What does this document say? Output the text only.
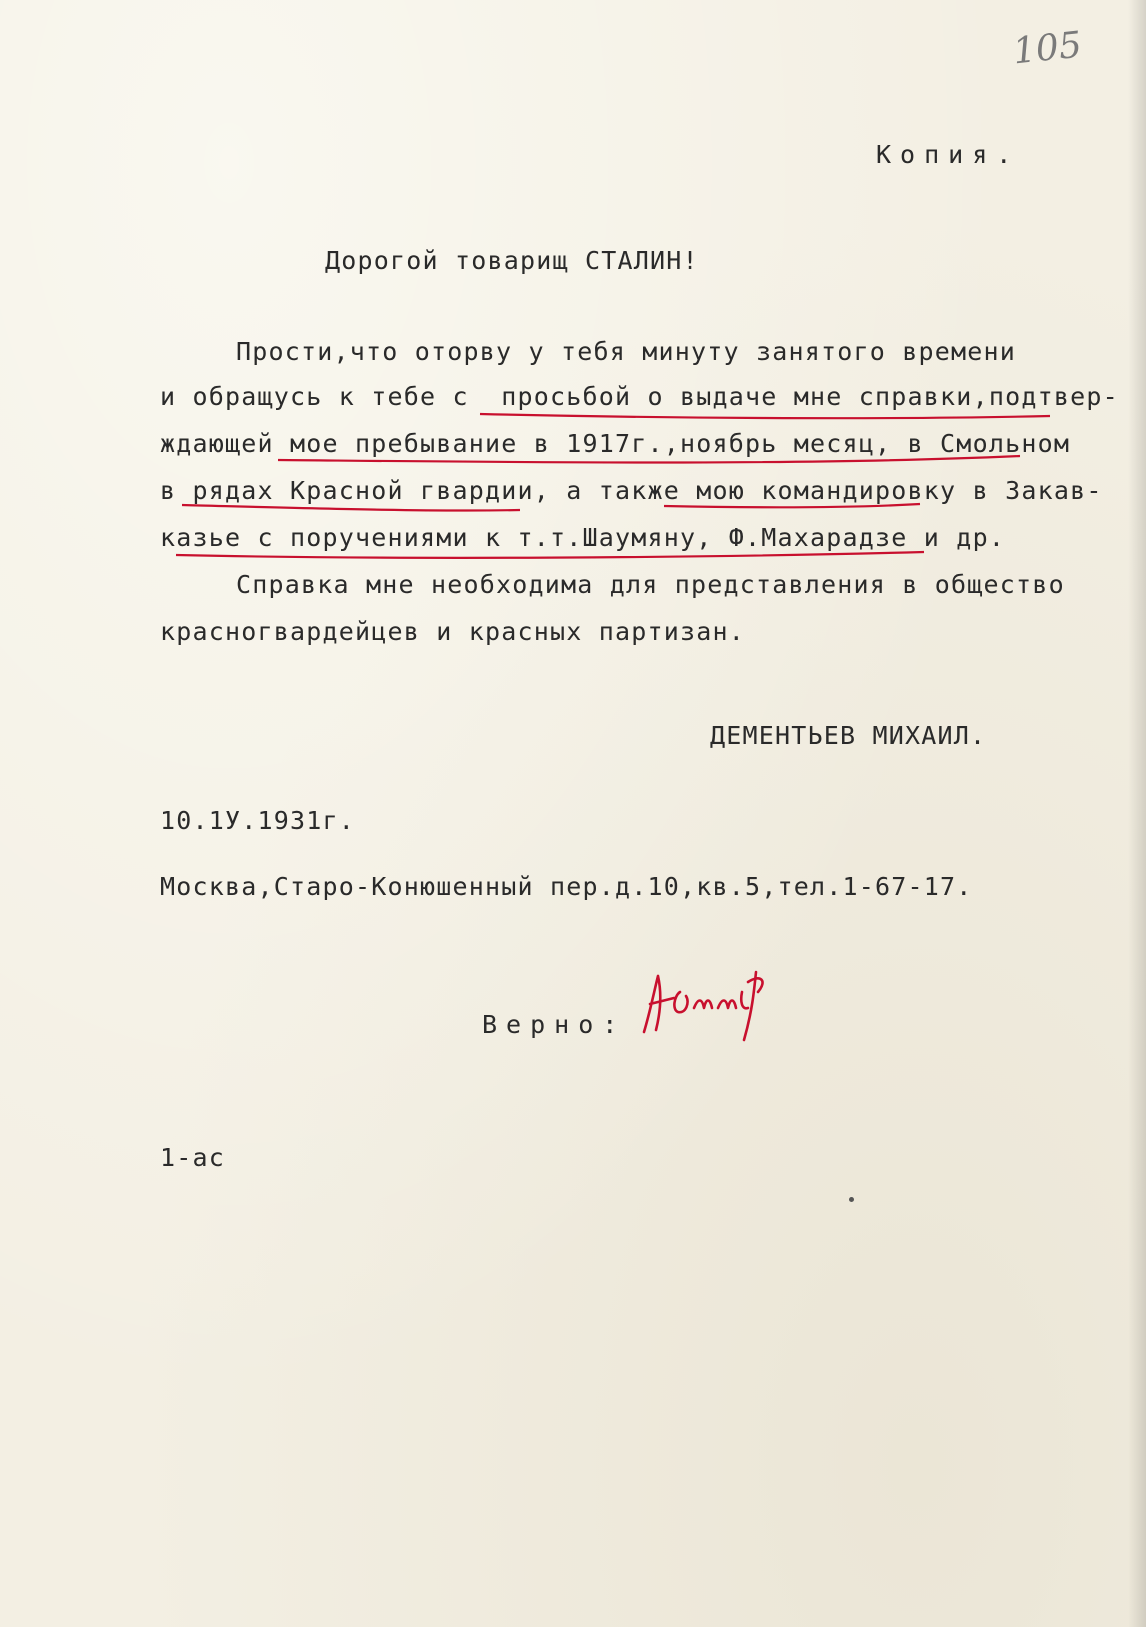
105
Копия.
Дорогой товарищ СТАЛИН!
Прости,что оторву у тебя минуту занятого времени
и обращусь к тебе с  просьбой о выдаче мне справки,подтвер-
ждающей мое пребывание в 1917г.,ноябрь месяц, в Смольном
в рядах Красной гвардии, а также мою командировку в Закав-
казье с поручениями к т.т.Шаумяну, Ф.Махарадзе и др.
Справка мне необходима для представления в общество
красногвардейцев и красных партизан.
ДЕМЕНТЬЕВ МИХАИЛ.
10.1У.1931г.
Москва,Старо-Конюшенный пер.д.10,кв.5,тел.1-67-17.
Верно:
1-ас
